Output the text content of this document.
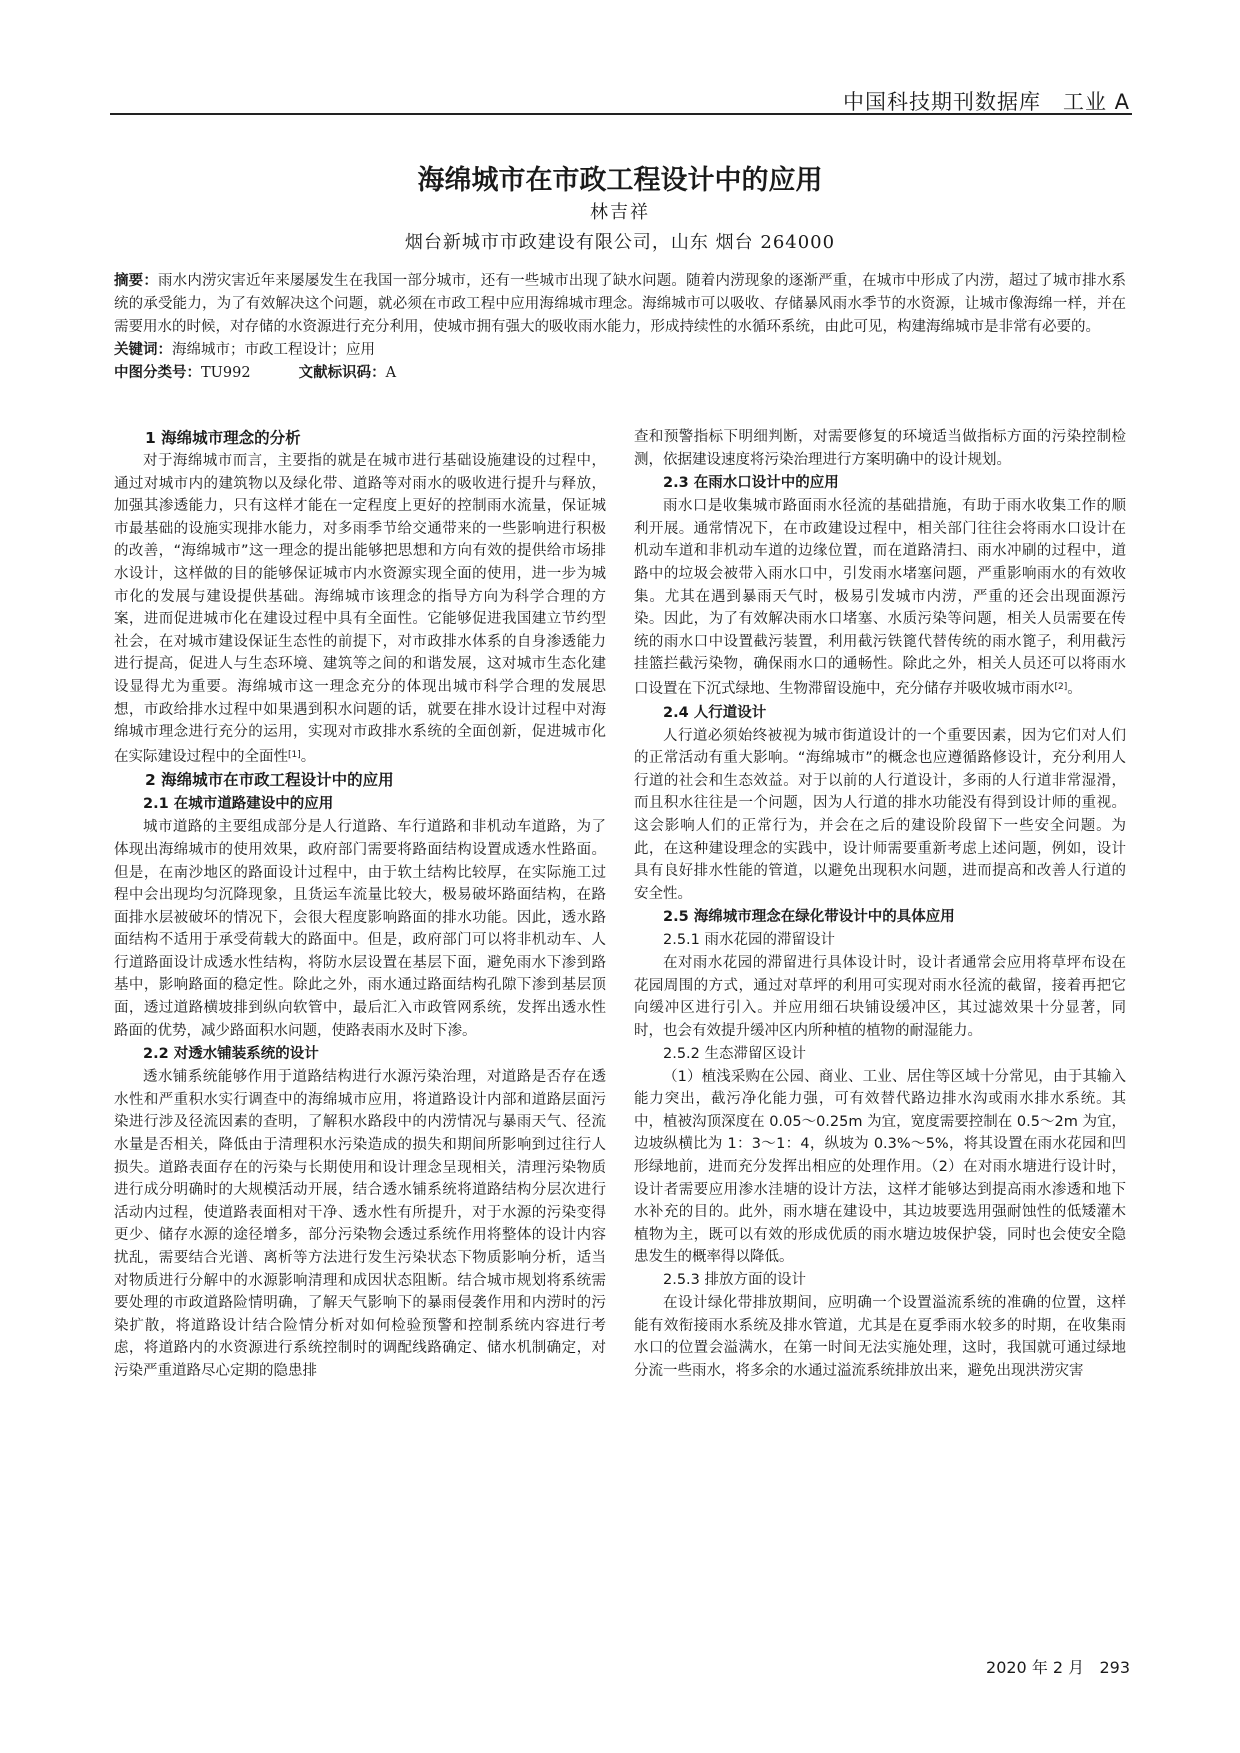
中国科技期刊数据库　工业 A
海绵城市在市政工程设计中的应用
林吉祥
烟台新城市市政建设有限公司，山东 烟台 264000
摘要：雨水内涝灾害近年来屡屡发生在我国一部分城市，还有一些城市出现了缺水问题。随着内涝现象的逐渐严重，在城市中形成了内涝，超过了城市排水系统的承受能力，为了有效解决这个问题，就必须在市政工程中应用海绵城市理念。海绵城市可以吸收、存储暴风雨水季节的水资源，让城市像海绵一样，并在需要用水的时候，对存储的水资源进行充分利用，使城市拥有强大的吸收雨水能力，形成持续性的水循环系统，由此可见，构建海绵城市是非常有必要的。
关键词：海绵城市；市政工程设计；应用
中图分类号：TU992	文献标识码：A
1 海绵城市理念的分析

对于海绵城市而言，主要指的就是在城市进行基础设施建设的过程中，通过对城市内的建筑物以及绿化带、道路等对雨水的吸收进行提升与释放，加强其渗透能力，只有这样才能在一定程度上更好的控制雨水流量，保证城市最基础的设施实现排水能力，对多雨季节给交通带来的一些影响进行积极的改善，“海绵城市”这一理念的提出能够把思想和方向有效的提供给市场排水设计，这样做的目的能够保证城市内水资源实现全面的使用，进一步为城市化的发展与建设提供基础。海绵城市该理念的指导方向为科学合理的方案，进而促进城市化在建设过程中具有全面性。它能够促进我国建立节约型社会，在对城市建设保证生态性的前提下，对市政排水体系的自身渗透能力进行提高，促进人与生态环境、建筑等之间的和谐发展，这对城市生态化建设显得尤为重要。海绵城市这一理念充分的体现出城市科学合理的发展思想，市政给排水过程中如果遇到积水问题的话，就要在排水设计过程中对海绵城市理念进行充分的运用，实现对市政排水系统的全面创新，促进城市化在实际建设过程中的全面性[1]。

2 海绵城市在市政工程设计中的应用
2.1 在城市道路建设中的应用

城市道路的主要组成部分是人行道路、车行道路和非机动车道路，为了体现出海绵城市的使用效果，政府部门需要将路面结构设置成透水性路面。但是，在南沙地区的路面设计过程中，由于软土结构比较厚，在实际施工过程中会出现均匀沉降现象，且货运车流量比较大，极易破坏路面结构，在路面排水层被破坏的情况下，会很大程度影响路面的排水功能。因此，透水路面结构不适用于承受荷载大的路面中。但是，政府部门可以将非机动车、人行道路面设计成透水性结构，将防水层设置在基层下面，避免雨水下渗到路基中，影响路面的稳定性。除此之外，雨水通过路面结构孔隙下渗到基层顶面，透过道路横坡排到纵向软管中，最后汇入市政管网系统，发挥出透水性路面的优势，减少路面积水问题，使路表雨水及时下渗。

2.2 对透水铺装系统的设计

透水铺系统能够作用于道路结构进行水源污染治理，对道路是否存在透水性和严重积水实行调查中的海绵城市应用，将道路设计内部和道路层面污染进行涉及径流因素的查明，了解积水路段中的内涝情况与暴雨天气、径流水量是否相关，降低由于清理积水污染造成的损失和期间所影响到过往行人损失。道路表面存在的污染与长期使用和设计理念呈现相关，清理污染物质进行成分明确时的大规模活动开展，结合透水铺系统将道路结构分层次进行活动内过程，使道路表面相对干净、透水性有所提升，对于水源的污染变得更少、储存水源的途径增多，部分污染物会透过系统作用将整体的设计内容扰乱，需要结合光谱、离析等方法进行发生污染状态下物质影响分析，适当对物质进行分解中的水源影响清理和成因状态阻断。结合城市规划将系统需要处理的市政道路险情明确，了解天气影响下的暴雨侵袭作用和内涝时的污染扩散，将道路设计结合险情分析对如何检验预警和控制系统内容进行考虑，将道路内的水资源进行系统控制时的调配线路确定、储水机制确定，对污染严重道路尽心定期的隐患排

查和预警指标下明细判断，对需要修复的环境适当做指标方面的污染控制检测，依据建设速度将污染治理进行方案明确中的设计规划。

2.3 在雨水口设计中的应用

雨水口是收集城市路面雨水径流的基础措施，有助于雨水收集工作的顺利开展。通常情况下，在市政建设过程中，相关部门往往会将雨水口设计在机动车道和非机动车道的边缘位置，而在道路清扫、雨水冲刷的过程中，道路中的垃圾会被带入雨水口中，引发雨水堵塞问题，严重影响雨水的有效收集。尤其在遇到暴雨天气时，极易引发城市内涝，严重的还会出现面源污染。因此，为了有效解决雨水口堵塞、水质污染等问题，相关人员需要在传统的雨水口中设置截污装置，利用截污铁篦代替传统的雨水篦子，利用截污挂篮拦截污染物，确保雨水口的通畅性。除此之外，相关人员还可以将雨水口设置在下沉式绿地、生物滞留设施中，充分储存并吸收城市雨水[2]。

2.4 人行道设计

人行道必须始终被视为城市街道设计的一个重要因素，因为它们对人们的正常活动有重大影响。“海绵城市”的概念也应遵循路修设计，充分利用人行道的社会和生态效益。对于以前的人行道设计，多雨的人行道非常湿滑，而且积水往往是一个问题，因为人行道的排水功能没有得到设计师的重视。这会影响人们的正常行为，并会在之后的建设阶段留下一些安全问题。为此，在这种建设理念的实践中，设计师需要重新考虑上述问题，例如，设计具有良好排水性能的管道，以避免出现积水问题，进而提高和改善人行道的安全性。

2.5 海绵城市理念在绿化带设计中的具体应用
2.5.1 雨水花园的滞留设计

在对雨水花园的滞留进行具体设计时，设计者通常会应用将草坪布设在花园周围的方式，通过对草坪的利用可实现对雨水径流的截留，接着再把它向缓冲区进行引入。并应用细石块铺设缓冲区，其过滤效果十分显著，同时，也会有效提升缓冲区内所种植的植物的耐湿能力。

2.5.2 生态滞留区设计

（1）植浅采购在公园、商业、工业、居住等区域十分常见，由于其输入能力突出，截污净化能力强，可有效替代路边排水沟或雨水排水系统。其中，植被沟顶深度在 0.05～0.25m 为宜，宽度需要控制在 0.5～2m 为宜，边坡纵横比为 1：3～1：4，纵坡为 0.3%～5%，将其设置在雨水花园和凹形绿地前，进而充分发挥出相应的处理作用。（2）在对雨水塘进行设计时，设计者需要应用渗水洼塘的设计方法，这样才能够达到提高雨水渗透和地下水补充的目的。此外，雨水塘在建设中，其边坡要选用强耐蚀性的低矮灌木植物为主，既可以有效的形成优质的雨水塘边坡保护袋，同时也会使安全隐患发生的概率得以降低。

2.5.3 排放方面的设计

在设计绿化带排放期间，应明确一个设置溢流系统的准确的位置，这样能有效衔接雨水系统及排水管道，尤其是在夏季雨水较多的时期，在收集雨水口的位置会溢满水，在第一时间无法实施处理，这时，我国就可通过绿地分流一些雨水，将多余的水通过溢流系统排放出来，避免出现洪涝灾害

2020 年 2 月 293
